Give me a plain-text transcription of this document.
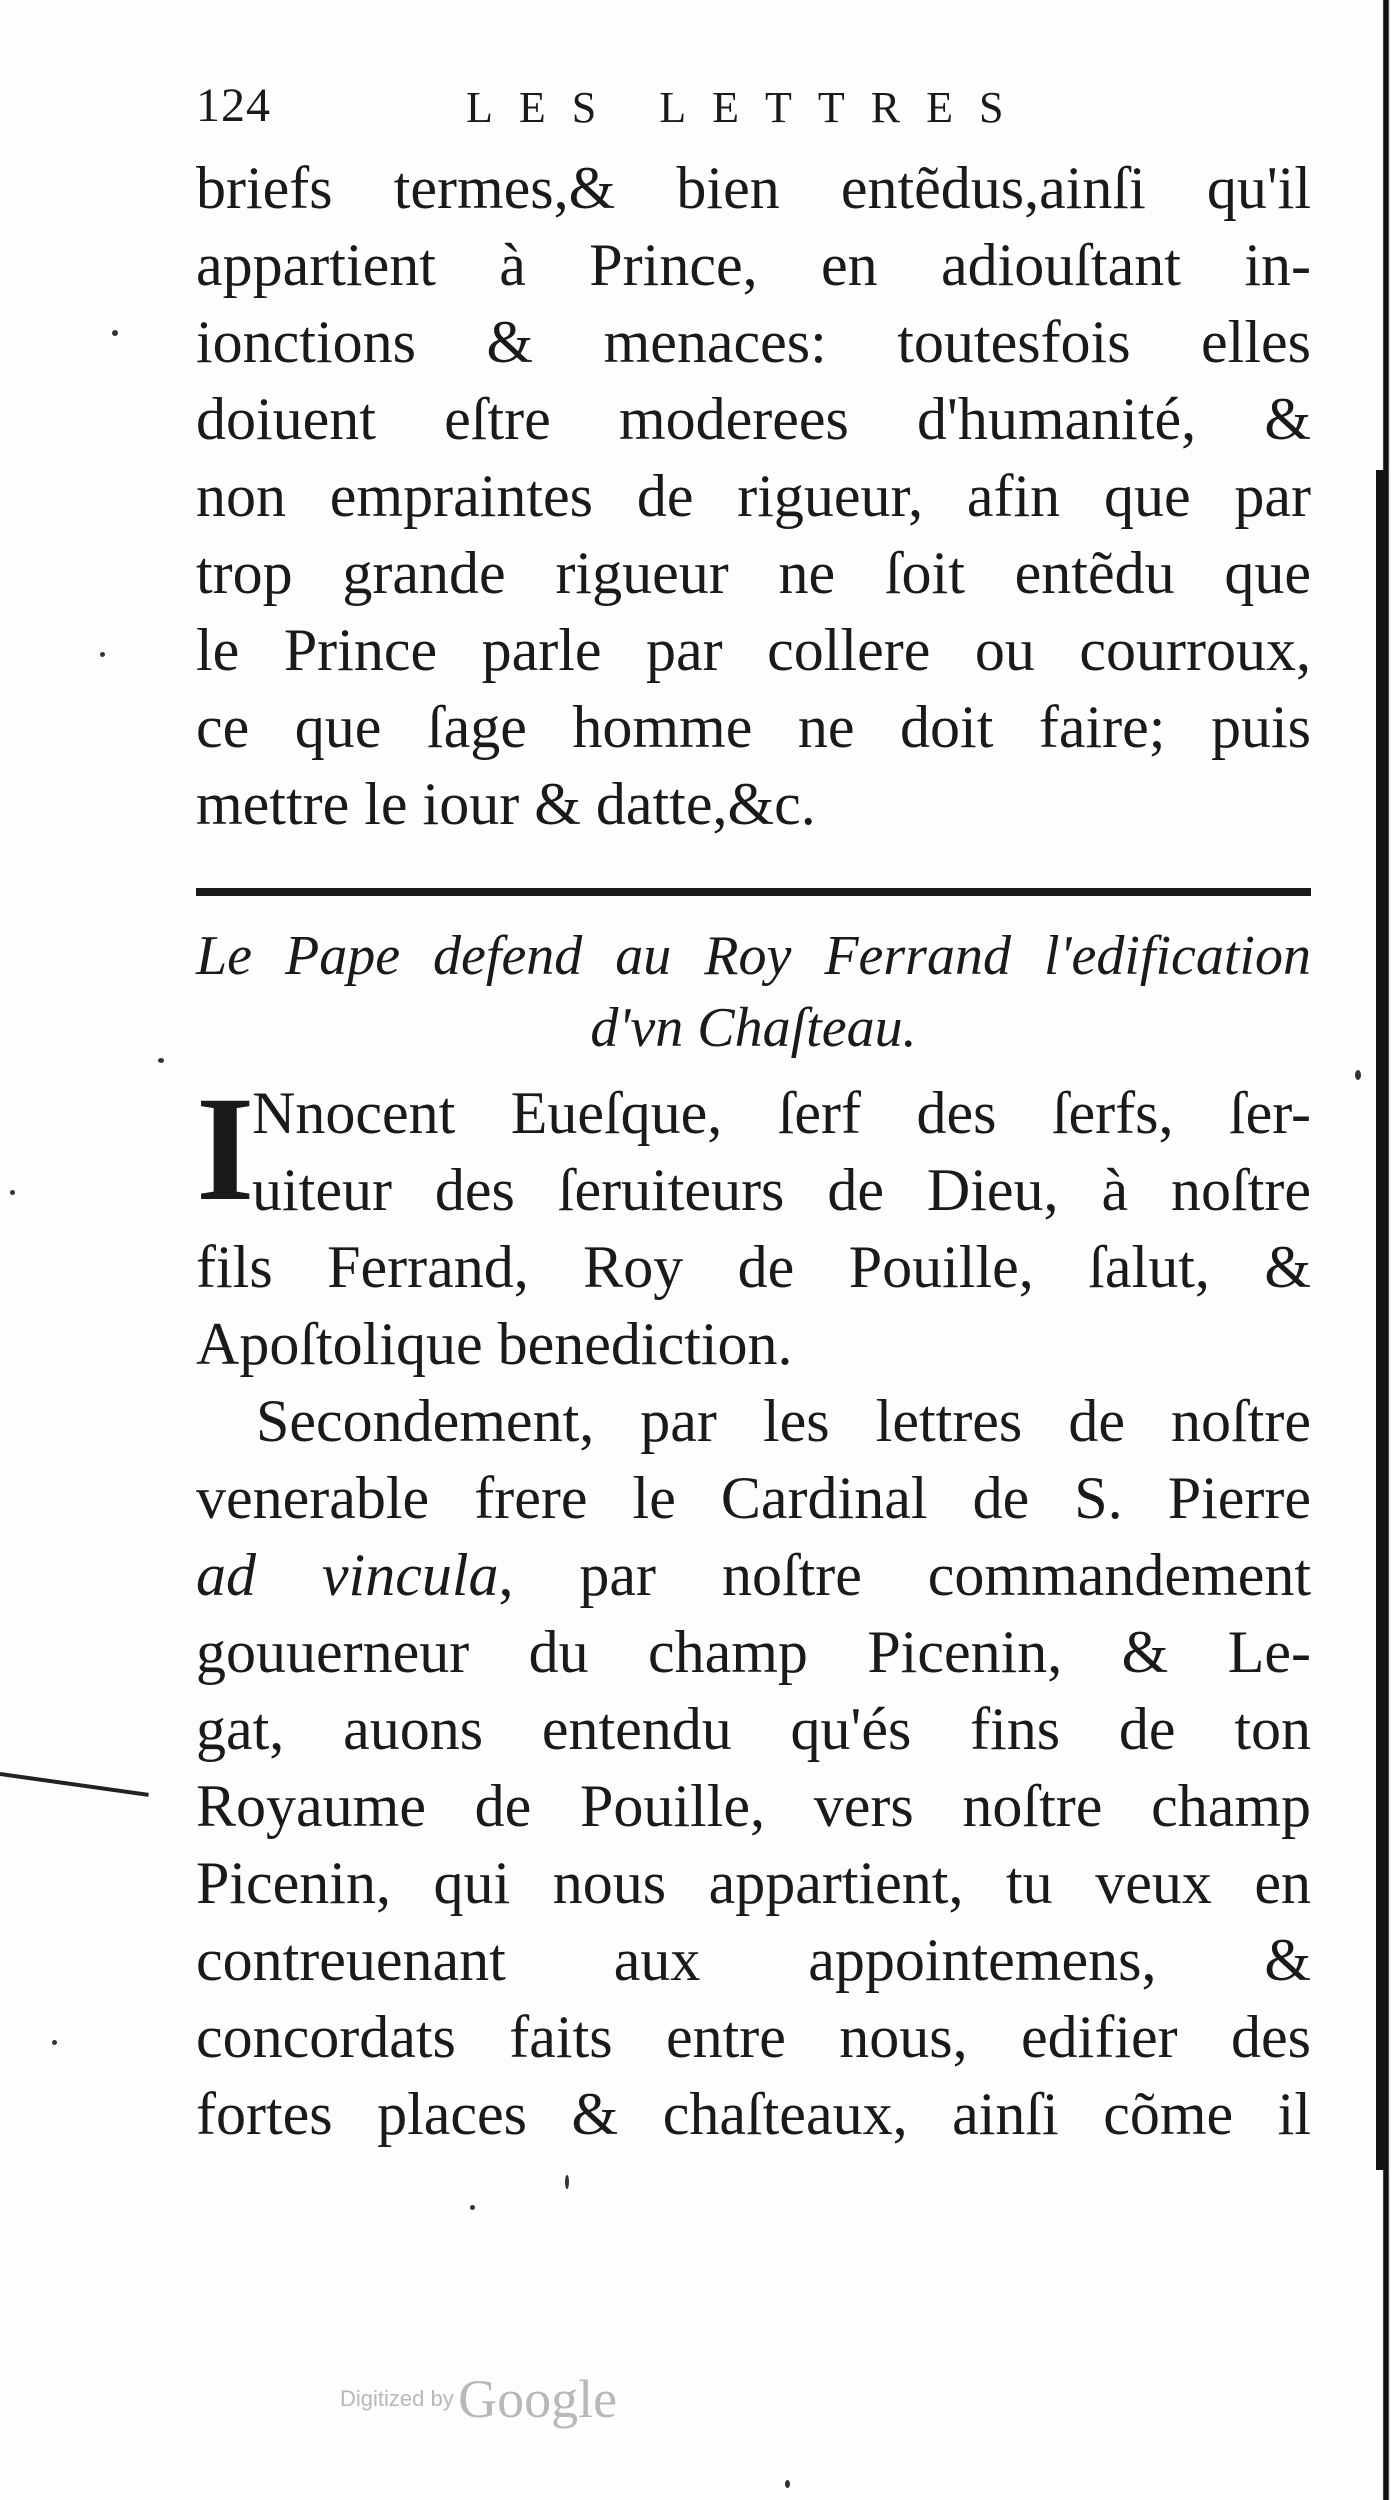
124	LES LETTRES
briefs termes,& bien entẽdus,ainſi qu'il
appartient à Prince, en adiouſtant in-
ionctions & menaces: toutesfois elles
doiuent eſtre moderees d'humanité, &
non empraintes de rigueur, afin que par
trop grande rigueur ne ſoit entẽdu que
le Prince parle par collere ou courroux,
ce que ſage homme ne doit faire; puis
mettre le iour & datte,&c.
Le Pape defend au Roy Ferrand l'edification
d'vn Chaſteau.
I
Nnocent Eueſque, ſerf des ſerfs, ſer-
uiteur des ſeruiteurs de Dieu, à noſtre
fils Ferrand, Roy de Pouille, ſalut, &
Apoſtolique benediction.
Secondement, par les lettres de noſtre
venerable frere le Cardinal de S. Pierre
ad vincula, par noſtre commandement
gouuerneur du champ Picenin, & Le-
gat, auons entendu qu'és fins de ton
Royaume de Pouille, vers noſtre champ
Picenin, qui nous appartient, tu veux en
contreuenant aux appointemens, &
concordats faits entre nous, edifier des
fortes places & chaſteaux, ainſi cõme il
Digitized by Google
